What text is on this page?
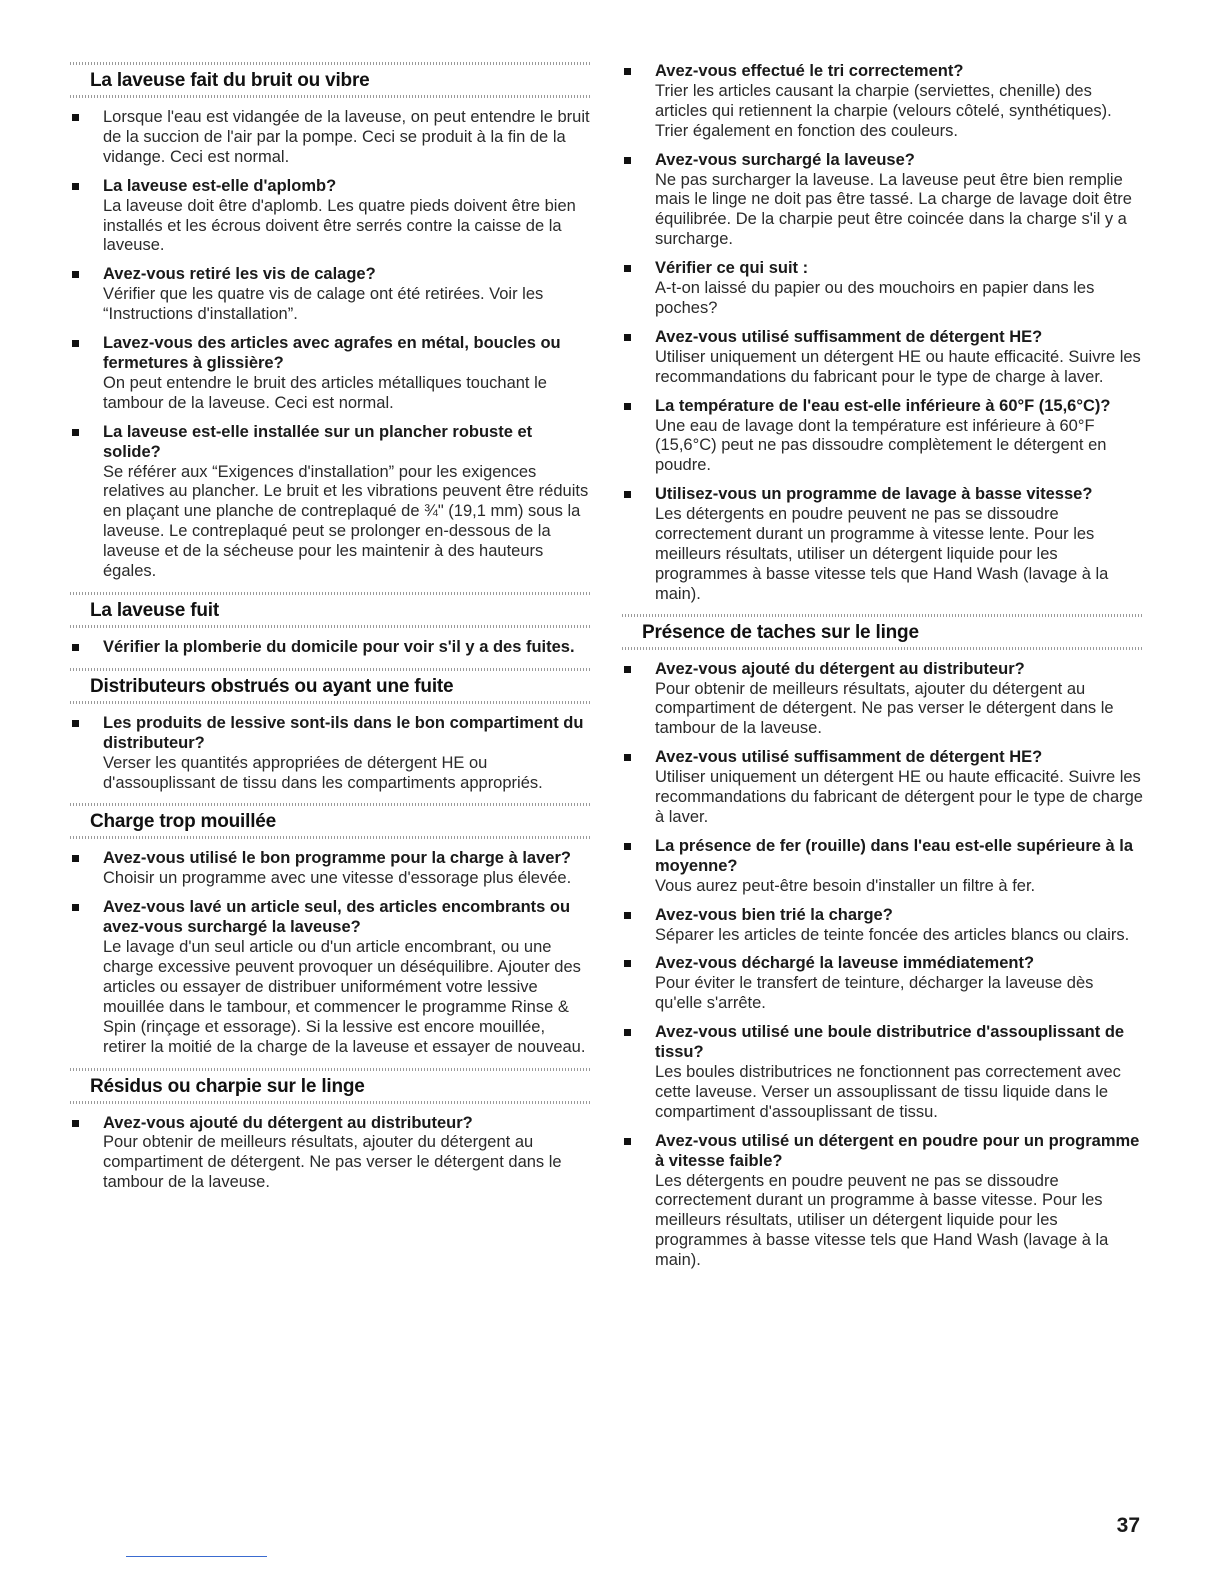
La laveuse fait du bruit ou vibre
Lorsque l'eau est vidangée de la laveuse, on peut entendre le bruit de la succion de l'air par la pompe. Ceci se produit à la fin de la vidange. Ceci est normal.
La laveuse est-elle d'aplomb?
La laveuse doit être d'aplomb. Les quatre pieds doivent être bien installés et les écrous doivent être serrés contre la caisse de la laveuse.
Avez-vous retiré les vis de calage?
Vérifier que les quatre vis de calage ont été retirées. Voir les “Instructions d'installation”.
Lavez-vous des articles avec agrafes en métal, boucles ou fermetures à glissière?
On peut entendre le bruit des articles métalliques touchant le tambour de la laveuse. Ceci est normal.
La laveuse est-elle installée sur un plancher robuste et solide?
Se référer aux “Exigences d'installation” pour les exigences relatives au plancher. Le bruit et les vibrations peuvent être réduits en plaçant une planche de contreplaqué de ¾" (19,1 mm) sous la laveuse. Le contreplaqué peut se prolonger en-dessous de la laveuse et de la sécheuse pour les maintenir à des hauteurs égales.
La laveuse fuit
Vérifier la plomberie du domicile pour voir s'il y a des fuites.
Distributeurs obstrués ou ayant une fuite
Les produits de lessive sont-ils dans le bon compartiment du distributeur?
Verser les quantités appropriées de détergent HE ou d'assouplissant de tissu dans les compartiments appropriés.
Charge trop mouillée
Avez-vous utilisé le bon programme pour la charge à laver?
Choisir un programme avec une vitesse d'essorage plus élevée.
Avez-vous lavé un article seul, des articles encombrants ou avez-vous surchargé la laveuse?
Le lavage d'un seul article ou d'un article encombrant, ou une charge excessive peuvent provoquer un déséquilibre. Ajouter des articles ou essayer de distribuer uniformément votre lessive mouillée dans le tambour, et commencer le programme Rinse & Spin (rinçage et essorage). Si la lessive est encore mouillée, retirer la moitié de la charge de la laveuse et essayer de nouveau.
Résidus ou charpie sur le linge
Avez-vous ajouté du détergent au distributeur?
Pour obtenir de meilleurs résultats, ajouter du détergent au compartiment de détergent. Ne pas verser le détergent dans le tambour de la laveuse.
Avez-vous effectué le tri correctement?
Trier les articles causant la charpie (serviettes, chenille) des articles qui retiennent la charpie (velours côtelé, synthétiques). Trier également en fonction des couleurs.
Avez-vous surchargé la laveuse?
Ne pas surcharger la laveuse. La laveuse peut être bien remplie mais le linge ne doit pas être tassé. La charge de lavage doit être équilibrée. De la charpie peut être coincée dans la charge s'il y a surcharge.
Vérifier ce qui suit :
A-t-on laissé du papier ou des mouchoirs en papier dans les poches?
Avez-vous utilisé suffisamment de détergent HE?
Utiliser uniquement un détergent HE ou haute efficacité. Suivre les recommandations du fabricant pour le type de charge à laver.
La température de l'eau est-elle inférieure à 60°F (15,6°C)?
Une eau de lavage dont la température est inférieure à 60°F (15,6°C) peut ne pas dissoudre complètement le détergent en poudre.
Utilisez-vous un programme de lavage à basse vitesse?
Les détergents en poudre peuvent ne pas se dissoudre correctement durant un programme à vitesse lente. Pour les meilleurs résultats, utiliser un détergent liquide pour les programmes à basse vitesse tels que Hand Wash (lavage à la main).
Présence de taches sur le linge
Avez-vous ajouté du détergent au distributeur?
Pour obtenir de meilleurs résultats, ajouter du détergent au compartiment de détergent. Ne pas verser le détergent dans le tambour de la laveuse.
Avez-vous utilisé suffisamment de détergent HE?
Utiliser uniquement un détergent HE ou haute efficacité. Suivre les recommandations du fabricant de détergent pour le type de charge à laver.
La présence de fer (rouille) dans l'eau est-elle supérieure à la moyenne?
Vous aurez peut-être besoin d'installer un filtre à fer.
Avez-vous bien trié la charge?
Séparer les articles de teinte foncée des articles blancs ou clairs.
Avez-vous déchargé la laveuse immédiatement?
Pour éviter le transfert de teinture, décharger la laveuse dès qu'elle s'arrête.
Avez-vous utilisé une boule distributrice d'assouplissant de tissu?
Les boules distributrices ne fonctionnent pas correctement avec cette laveuse. Verser un assouplissant de tissu liquide dans le compartiment d'assouplissant de tissu.
Avez-vous utilisé un détergent en poudre pour un programme à vitesse faible?
Les détergents en poudre peuvent ne pas se dissoudre correctement durant un programme à basse vitesse. Pour les meilleurs résultats, utiliser un détergent liquide pour les programmes à basse vitesse tels que Hand Wash (lavage à la main).
37
